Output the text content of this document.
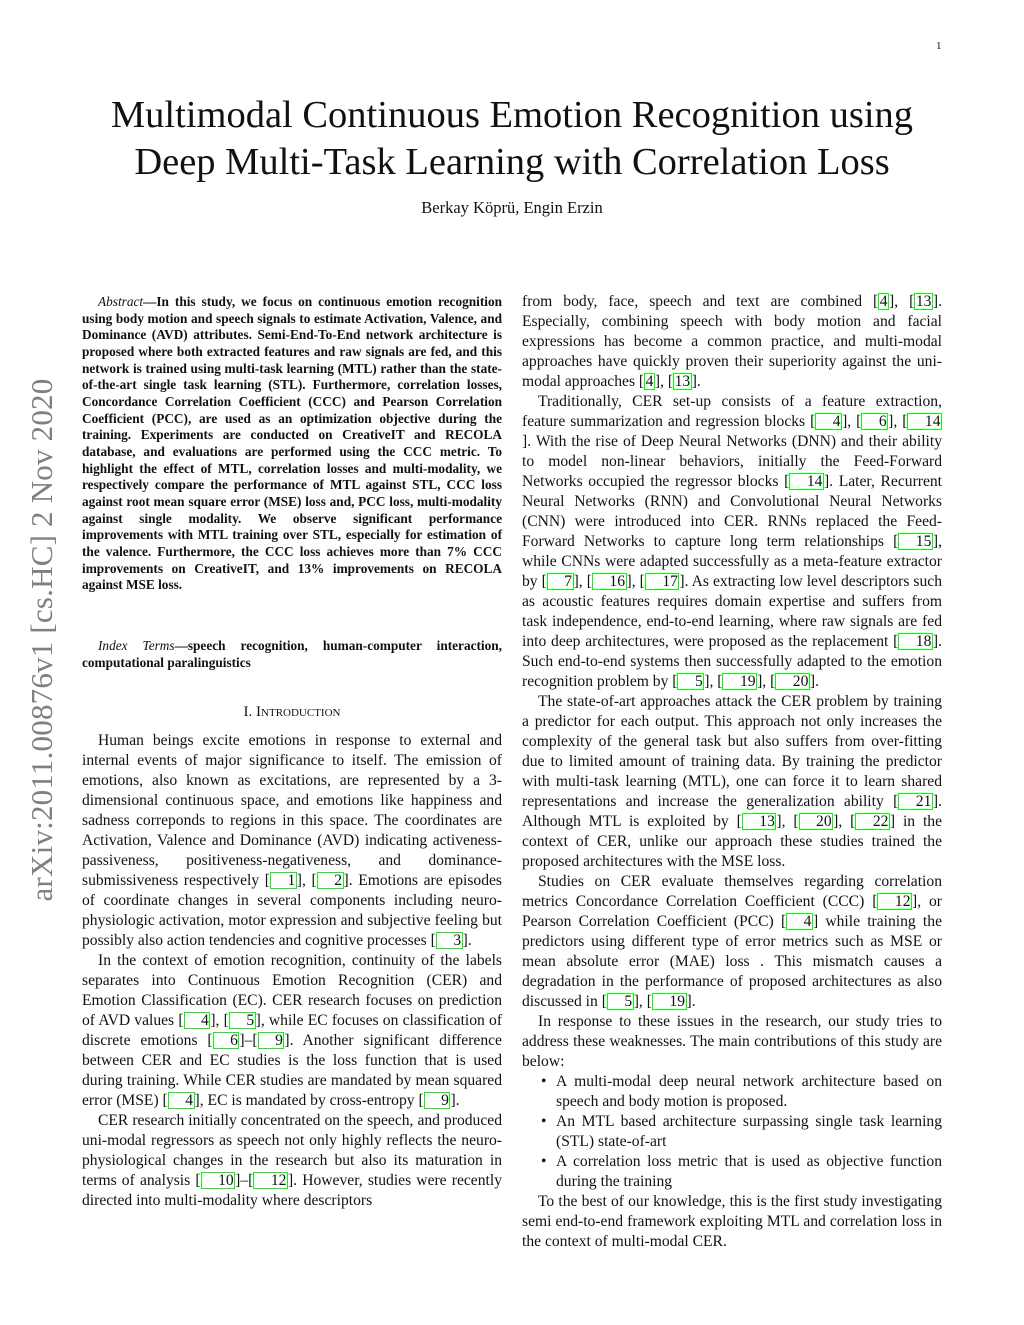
1
arXiv:2011.00876v1 [cs.HC] 2 Nov 2020
Multimodal Continuous Emotion Recognition using
Deep Multi-Task Learning with Correlation Loss
Berkay Köprü, Engin Erzin

Abstract—In this study, we focus on continuous emotion recognition using body motion and speech signals to estimate Activation, Valence, and Dominance (AVD) attributes. Semi-End-To-End network architecture is proposed where both extracted features and raw signals are fed, and this network is trained using multi-task learning (MTL) rather than the state-of-the-art single task learning (STL). Furthermore, correlation losses, Concordance Correlation Coefficient (CCC) and Pearson Correlation Coefficient (PCC), are used as an optimization objective during the training. Experiments are conducted on CreativeIT and RECOLA database, and evaluations are performed using the CCC metric. To highlight the effect of MTL, correlation losses and multi-modality, we respectively compare the performance of MTL against STL, CCC loss against root mean square error (MSE) loss and, PCC loss, multi-modality against single modality. We observe significant performance improvements with MTL training over STL, especially for estimation of the valence. Furthermore, the CCC loss achieves more than 7% CCC improvements on CreativeIT, and 13% improvements on RECOLA against MSE loss.

Index Terms—speech recognition, human-computer interaction, computational paralinguistics

I. Introduction

Human beings excite emotions in response to external and internal events of major significance to itself. The emission of emotions, also known as excitations, are represented by a 3-dimensional continuous space, and emotions like happiness and sadness correponds to regions in this space. The coordinates are Activation, Valence and Dominance (AVD) indicating activeness-passiveness, positiveness-negativeness, and dominance-submissiveness respectively [ 1], [ 2]. Emotions are episodes of coordinate changes in several components including neuro-physiologic activation, motor expression and subjective feeling but possibly also action tendencies and cognitive processes [ 3].

In the context of emotion recognition, continuity of the labels separates into Continuous Emotion Recognition (CER) and Emotion Classification (EC). CER research focuses on prediction of AVD values [ 4], [ 5], while EC focuses on classification of discrete emotions [ 6]–[ 9]. Another significant difference between CER and EC studies is the loss function that is used during training. While CER studies are mandated by mean squared error (MSE) [ 4], EC is mandated by cross-entropy [ 9].

CER research initially concentrated on the speech, and produced uni-modal regressors as speech not only highly reflects the neuro-physiological changes in the research but also its maturation in terms of analysis [ 10]–[ 12]. However, studies were recently directed into multi-modality where descriptors

from body, face, speech and text are combined [4], [13]. Especially, combining speech with body motion and facial expressions has become a common practice, and multi-modal approaches have quickly proven their superiority against the uni-modal approaches [4], [13].

Traditionally, CER set-up consists of a feature extraction, feature summarization and regression blocks [ 4], [ 6], [ 14]. With the rise of Deep Neural Networks (DNN) and their ability to model non-linear behaviors, initially the Feed-Forward Networks occupied the regressor blocks [ 14]. Later, Recurrent Neural Networks (RNN) and Convolutional Neural Networks (CNN) were introduced into CER. RNNs replaced the Feed-Forward Networks to capture long term relationships [ 15], while CNNs were adapted successfully as a meta-feature extractor by [ 7], [ 16], [ 17]. As extracting low level descriptors such as acoustic features requires domain expertise and suffers from task independence, end-to-end learning, where raw signals are fed into deep architectures, were proposed as the replacement [ 18]. Such end-to-end systems then successfully adapted to the emotion recognition problem by [ 5], [ 19], [ 20].

The state-of-art approaches attack the CER problem by training a predictor for each output. This approach not only increases the complexity of the general task but also suffers from over-fitting due to limited amount of training data. By training the predictor with multi-task learning (MTL), one can force it to learn shared representations and increase the generalization ability [ 21]. Although MTL is exploited by [ 13], [ 20], [ 22] in the context of CER, unlike our approach these studies trained the proposed architectures with the MSE loss.

Studies on CER evaluate themselves regarding correlation metrics Concordance Correlation Coefficient (CCC) [ 12], or Pearson Correlation Coefficient (PCC) [ 4] while training the predictors using different type of error metrics such as MSE or mean absolute error (MAE) loss . This mismatch causes a degradation in the performance of proposed architectures as also discussed in [ 5], [ 19].

In response to these issues in the research, our study tries to address these weaknesses. The main contributions of this study are below:

• A multi-modal deep neural network architecture based on speech and body motion is proposed.
• An MTL based architecture surpassing single task learning (STL) state-of-art
• A correlation loss metric that is used as objective function during the training

To the best of our knowledge, this is the first study investigating semi end-to-end framework exploiting MTL and correlation loss in the context of multi-modal CER.
